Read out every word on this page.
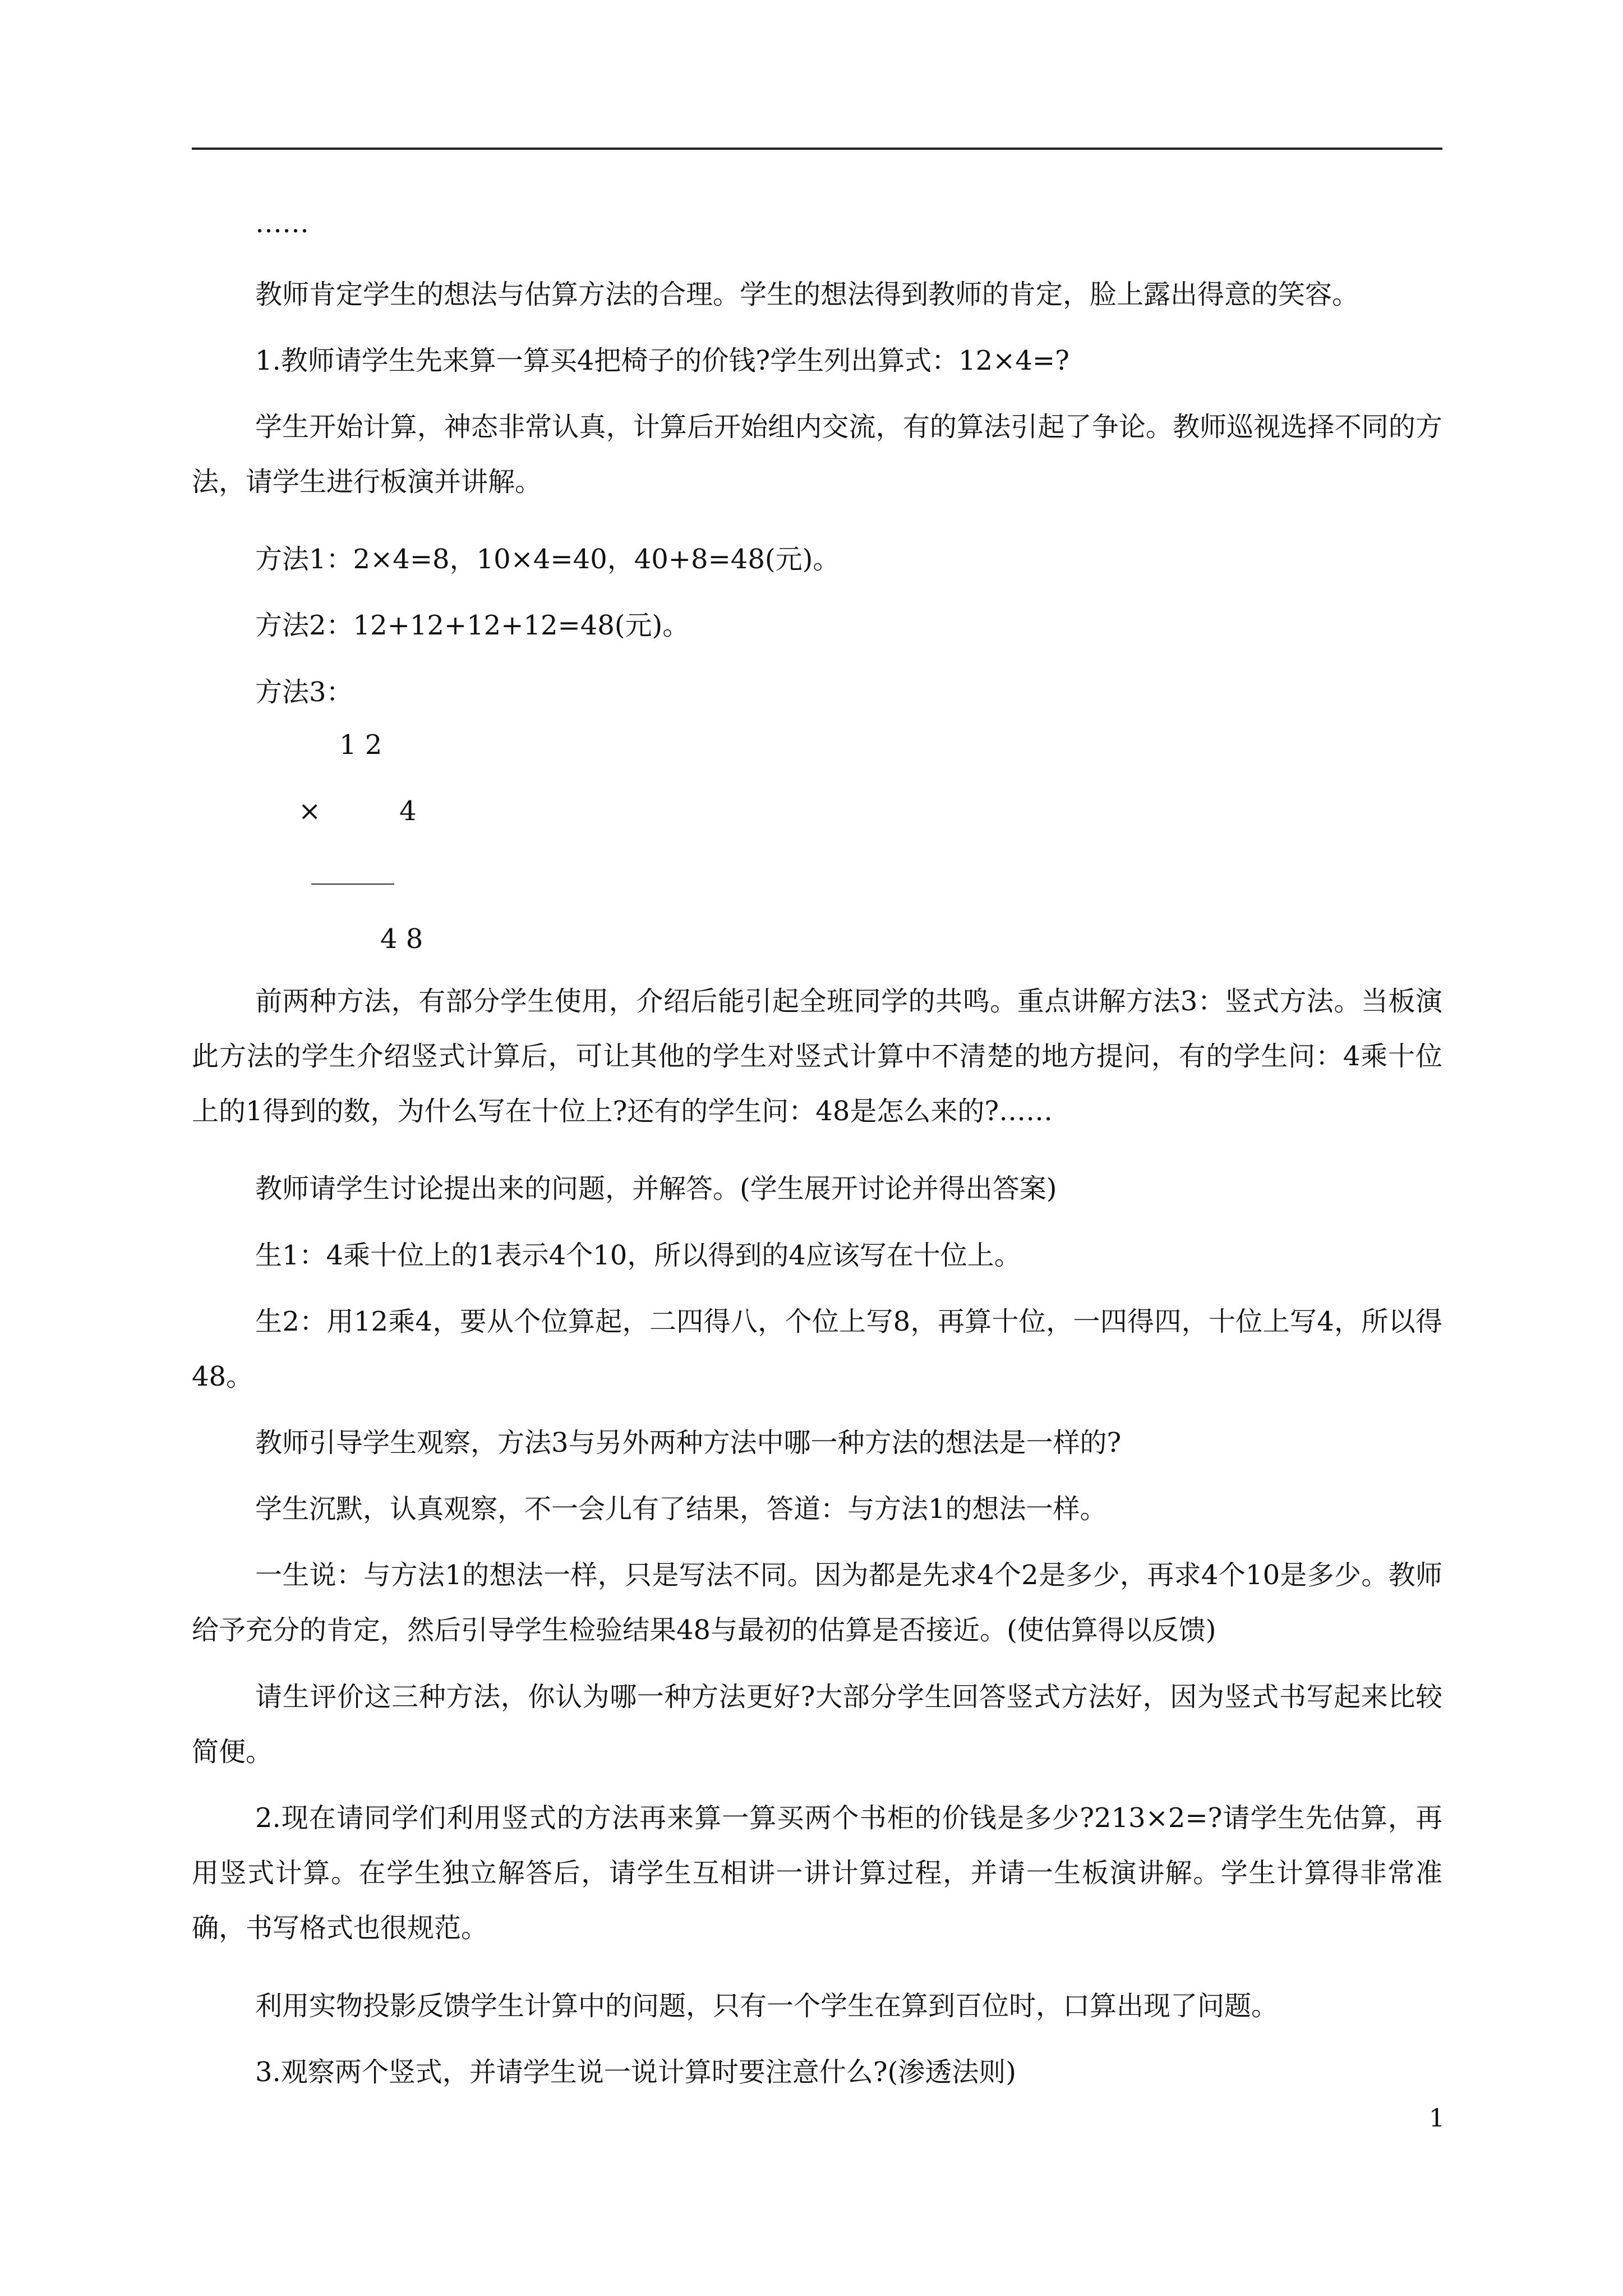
……

教师肯定学生的想法与估算方法的合理。学生的想法得到教师的肯定，脸上露出得意的笑容。

1.教师请学生先来算一算买4把椅子的价钱?学生列出算式：12×4=?

学生开始计算，神态非常认真，计算后开始组内交流，有的算法引起了争论。教师巡视选择不同的方法，请学生进行板演并讲解。

方法1：2×4=8，10×4=40，40+8=48(元)。

方法2：12+12+12+12=48(元)。

方法3：

1 2
×	4
4 8

前两种方法，有部分学生使用，介绍后能引起全班同学的共鸣。重点讲解方法3：竖式方法。当板演此方法的学生介绍竖式计算后，可让其他的学生对竖式计算中不清楚的地方提问，有的学生问：4乘十位上的1得到的数，为什么写在十位上?还有的学生问：48是怎么来的?……

教师请学生讨论提出来的问题，并解答。(学生展开讨论并得出答案)

生1：4乘十位上的1表示4个10，所以得到的4应该写在十位上。

生2：用12乘4，要从个位算起，二四得八，个位上写8，再算十位，一四得四，十位上写4，所以得48。

教师引导学生观察，方法3与另外两种方法中哪一种方法的想法是一样的?

学生沉默，认真观察，不一会儿有了结果，答道：与方法1的想法一样。

一生说：与方法1的想法一样，只是写法不同。因为都是先求4个2是多少，再求4个10是多少。教师给予充分的肯定，然后引导学生检验结果48与最初的估算是否接近。(使估算得以反馈)

请生评价这三种方法，你认为哪一种方法更好?大部分学生回答竖式方法好，因为竖式书写起来比较简便。

2.现在请同学们利用竖式的方法再来算一算买两个书柜的价钱是多少?213×2=?请学生先估算，再用竖式计算。在学生独立解答后，请学生互相讲一讲计算过程，并请一生板演讲解。学生计算得非常准确，书写格式也很规范。

利用实物投影反馈学生计算中的问题，只有一个学生在算到百位时，口算出现了问题。

3.观察两个竖式，并请学生说一说计算时要注意什么?(渗透法则)

1
